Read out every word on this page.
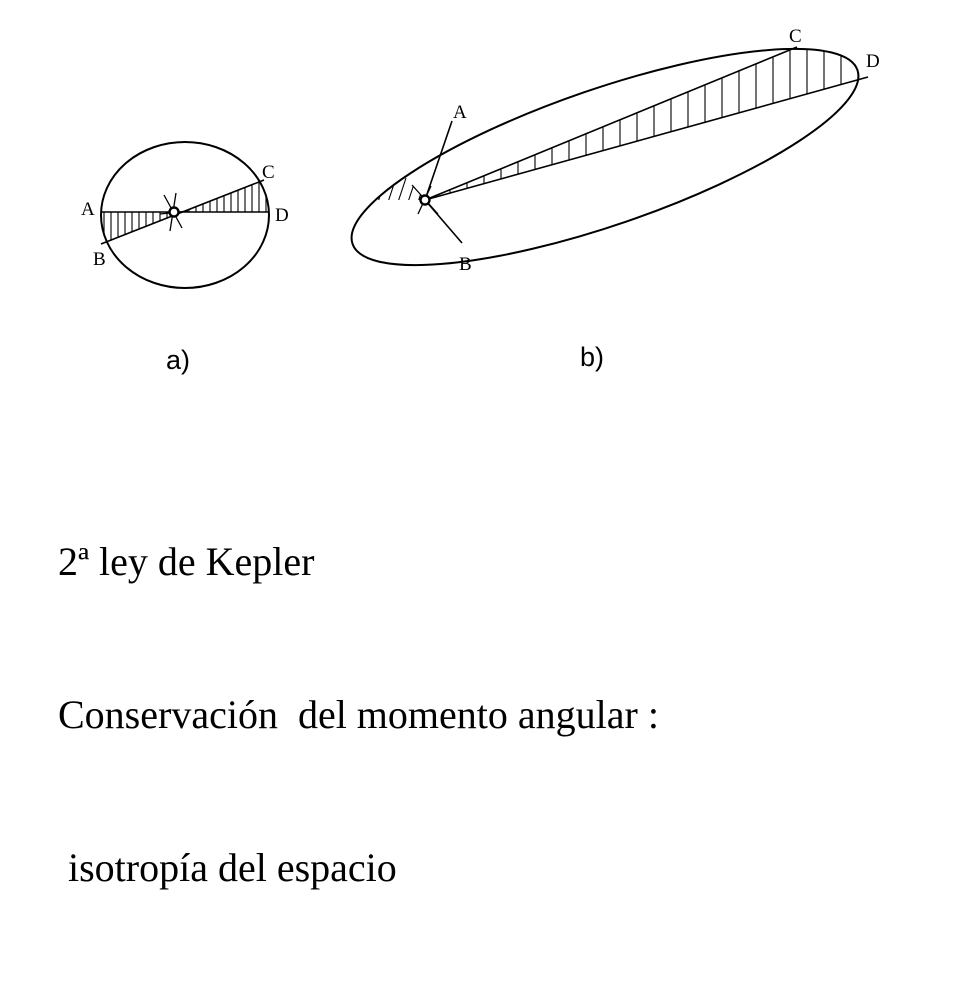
A
B
C
D
a)
A
B
C
D
b)

2ª ley de Kepler

Conservación  del momento angular :

isotropía del espacio
